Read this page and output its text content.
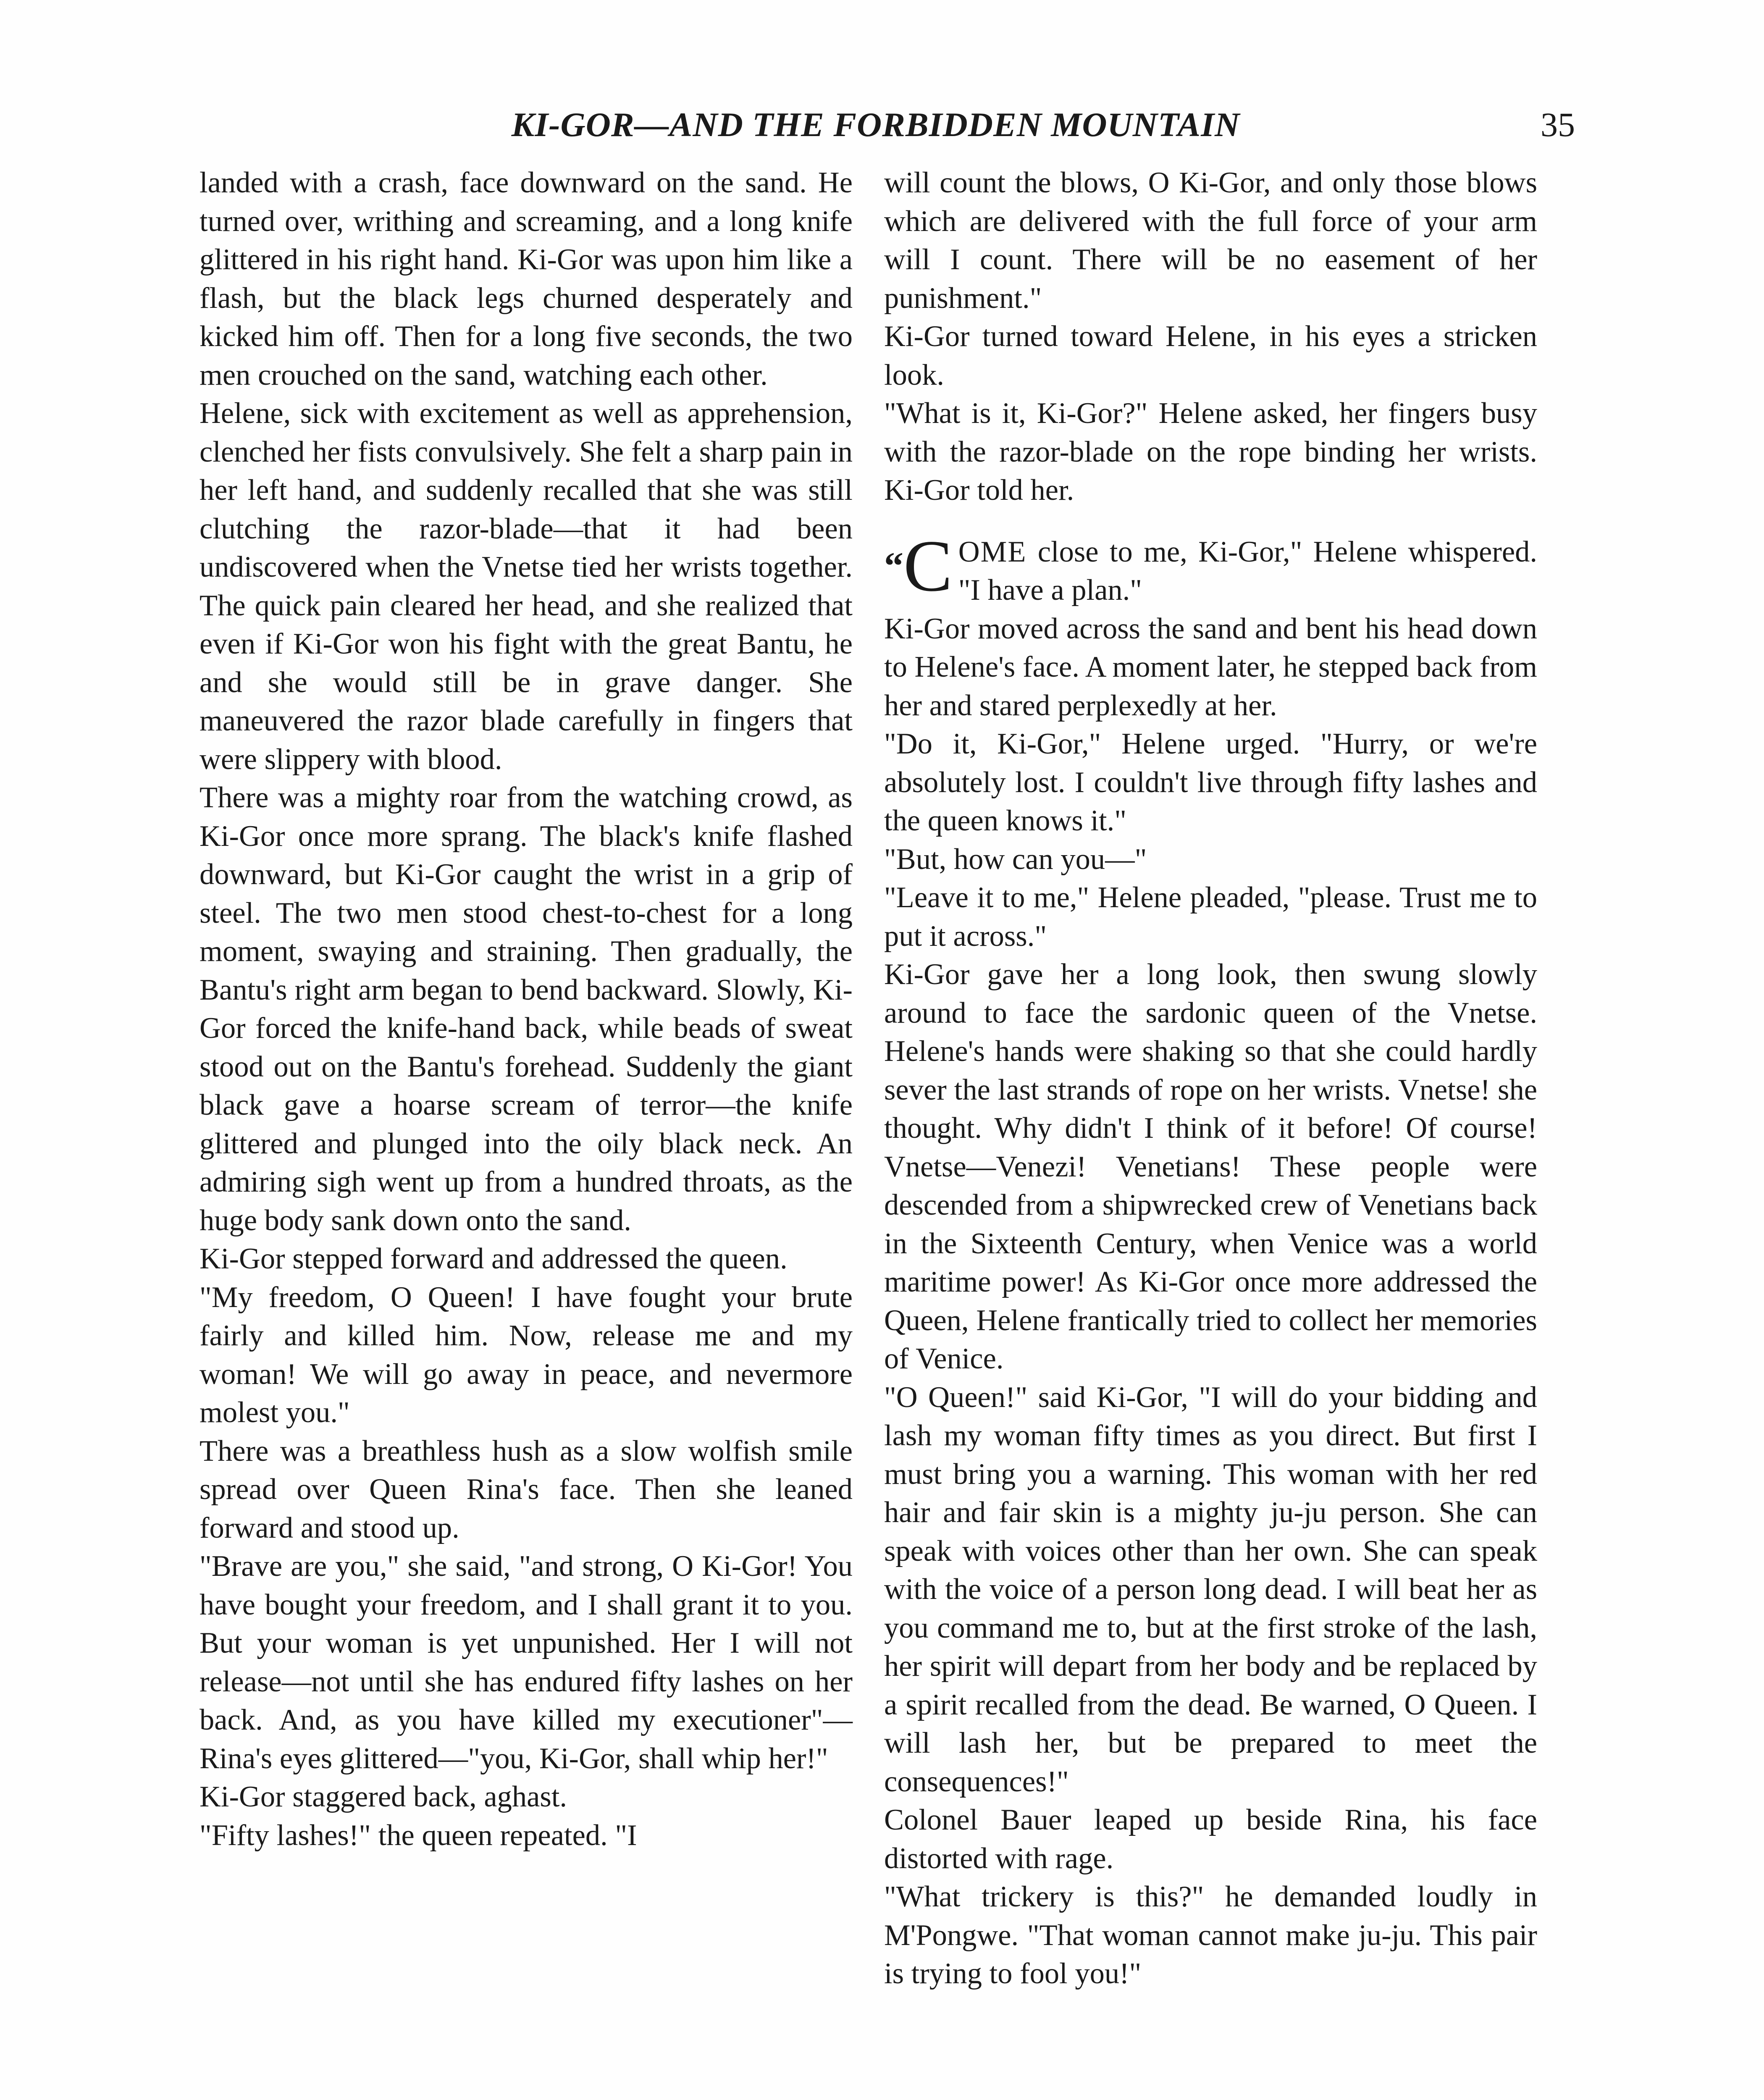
KI-GOR—AND THE FORBIDDEN MOUNTAIN	35

landed with a crash, face downward on the sand. He turned over, writhing and screaming, and a long knife glittered in his right hand. Ki-Gor was upon him like a flash, but the black legs churned desperately and kicked him off. Then for a long five seconds, the two men crouched on the sand, watching each other.

Helene, sick with excitement as well as apprehension, clenched her fists convulsively. She felt a sharp pain in her left hand, and suddenly recalled that she was still clutching the razor-blade—that it had been undiscovered when the Vnetse tied her wrists together. The quick pain cleared her head, and she realized that even if Ki-Gor won his fight with the great Bantu, he and she would still be in grave danger. She maneuvered the razor blade carefully in fingers that were slippery with blood.

There was a mighty roar from the watching crowd, as Ki-Gor once more sprang. The black's knife flashed downward, but Ki-Gor caught the wrist in a grip of steel. The two men stood chest-to-chest for a long moment, swaying and straining. Then gradually, the Bantu's right arm began to bend backward. Slowly, Ki-Gor forced the knife-hand back, while beads of sweat stood out on the Bantu's forehead. Suddenly the giant black gave a hoarse scream of terror—the knife glittered and plunged into the oily black neck. An admiring sigh went up from a hundred throats, as the huge body sank down onto the sand.

Ki-Gor stepped forward and addressed the queen.

"My freedom, O Queen! I have fought your brute fairly and killed him. Now, release me and my woman! We will go away in peace, and nevermore molest you."

There was a breathless hush as a slow wolfish smile spread over Queen Rina's face. Then she leaned forward and stood up.

"Brave are you," she said, "and strong, O Ki-Gor! You have bought your freedom, and I shall grant it to you. But your woman is yet unpunished. Her I will not release—not until she has endured fifty lashes on her back. And, as you have killed my executioner"—Rina's eyes glittered—"you, Ki-Gor, shall whip her!"

Ki-Gor staggered back, aghast.

"Fifty lashes!" the queen repeated. "I

will count the blows, O Ki-Gor, and only those blows which are delivered with the full force of your arm will I count. There will be no easement of her punishment."

Ki-Gor turned toward Helene, in his eyes a stricken look.

"What is it, Ki-Gor?" Helene asked, her fingers busy with the razor-blade on the rope binding her wrists. Ki-Gor told her.

“C OME close to me, Ki-Gor," Helene whispered. "I have a plan."

Ki-Gor moved across the sand and bent his head down to Helene's face. A moment later, he stepped back from her and stared perplexedly at her.

"Do it, Ki-Gor," Helene urged. "Hurry, or we're absolutely lost. I couldn't live through fifty lashes and the queen knows it."

"But, how can you—"

"Leave it to me," Helene pleaded, "please. Trust me to put it across."

Ki-Gor gave her a long look, then swung slowly around to face the sardonic queen of the Vnetse. Helene's hands were shaking so that she could hardly sever the last strands of rope on her wrists. Vnetse! she thought. Why didn't I think of it before! Of course! Vnetse—Venezi! Venetians! These people were descended from a shipwrecked crew of Venetians back in the Sixteenth Century, when Venice was a world maritime power! As Ki-Gor once more addressed the Queen, Helene frantically tried to collect her memories of Venice.

"O Queen!" said Ki-Gor, "I will do your bidding and lash my woman fifty times as you direct. But first I must bring you a warning. This woman with her red hair and fair skin is a mighty ju-ju person. She can speak with voices other than her own. She can speak with the voice of a person long dead. I will beat her as you command me to, but at the first stroke of the lash, her spirit will depart from her body and be replaced by a spirit recalled from the dead. Be warned, O Queen. I will lash her, but be prepared to meet the consequences!"

Colonel Bauer leaped up beside Rina, his face distorted with rage.

"What trickery is this?" he demanded loudly in M'Pongwe. "That woman cannot make ju-ju. This pair is trying to fool you!"
